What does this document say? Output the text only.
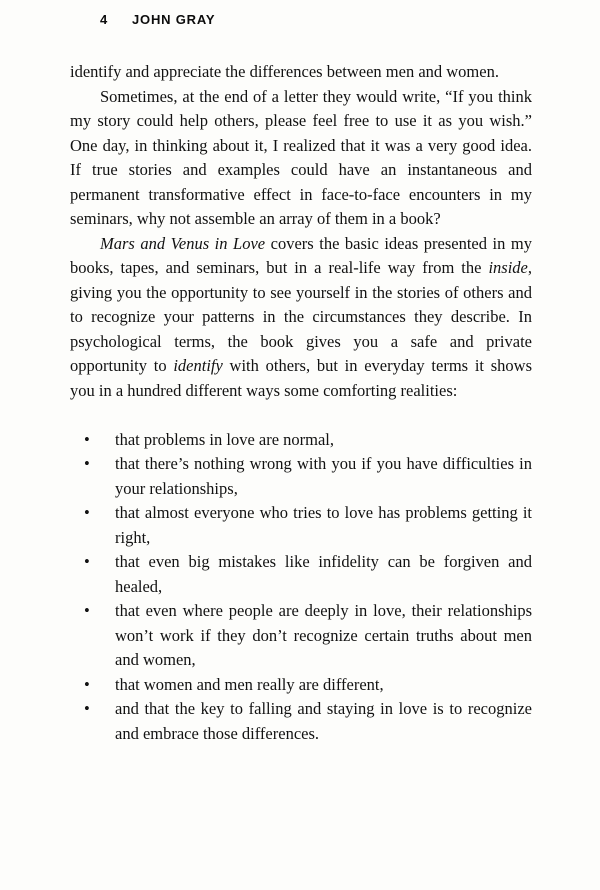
4 JOHN GRAY

identify and appreciate the differences between men and women.

Sometimes, at the end of a letter they would write, “If you think my story could help others, please feel free to use it as you wish.” One day, in thinking about it, I realized that it was a very good idea. If true stories and examples could have an instantaneous and permanent transformative effect in face-to-face encounters in my seminars, why not assemble an array of them in a book?

Mars and Venus in Love covers the basic ideas presented in my books, tapes, and seminars, but in a real-life way from the inside, giving you the opportunity to see yourself in the stories of others and to recognize your patterns in the circumstances they describe. In psychological terms, the book gives you a safe and private opportunity to identify with others, but in everyday terms it shows you in a hundred different ways some comforting realities:

• that problems in love are normal,
• that there’s nothing wrong with you if you have difficulties in your relationships,
• that almost everyone who tries to love has problems getting it right,
• that even big mistakes like infidelity can be forgiven and healed,
• that even where people are deeply in love, their relationships won’t work if they don’t recognize certain truths about men and women,
• that women and men really are different,
• and that the key to falling and staying in love is to recognize and embrace those differences.
